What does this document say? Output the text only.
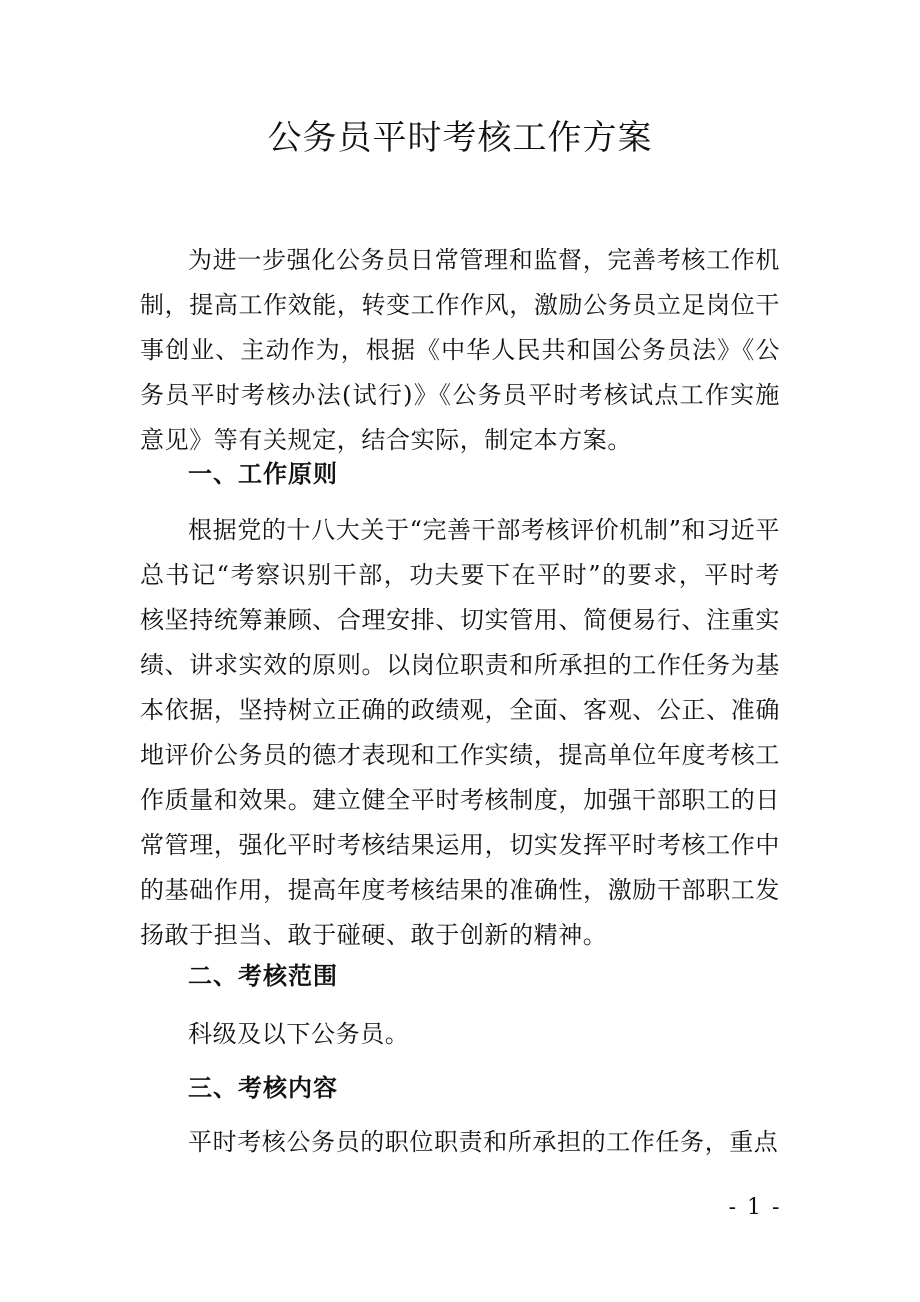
公务员平时考核工作方案

为进一步强化公务员日常管理和监督，完善考核工作机制，提高工作效能，转变工作作风，激励公务员立足岗位干事创业、主动作为，根据《中华人民共和国公务员法》《公务员平时考核办法(试行)》《公务员平时考核试点工作实施意见》等有关规定，结合实际，制定本方案。

一、工作原则

根据党的十八大关于“完善干部考核评价机制”和习近平总书记“考察识别干部，功夫要下在平时”的要求，平时考核坚持统筹兼顾、合理安排、切实管用、简便易行、注重实绩、讲求实效的原则。以岗位职责和所承担的工作任务为基本依据，坚持树立正确的政绩观，全面、客观、公正、准确地评价公务员的德才表现和工作实绩，提高单位年度考核工作质量和效果。建立健全平时考核制度，加强干部职工的日常管理，强化平时考核结果运用，切实发挥平时考核工作中的基础作用，提高年度考核结果的准确性，激励干部职工发扬敢于担当、敢于碰硬、敢于创新的精神。

二、考核范围

科级及以下公务员。

三、考核内容

平时考核公务员的职位职责和所承担的工作任务，重点

- 1 -
